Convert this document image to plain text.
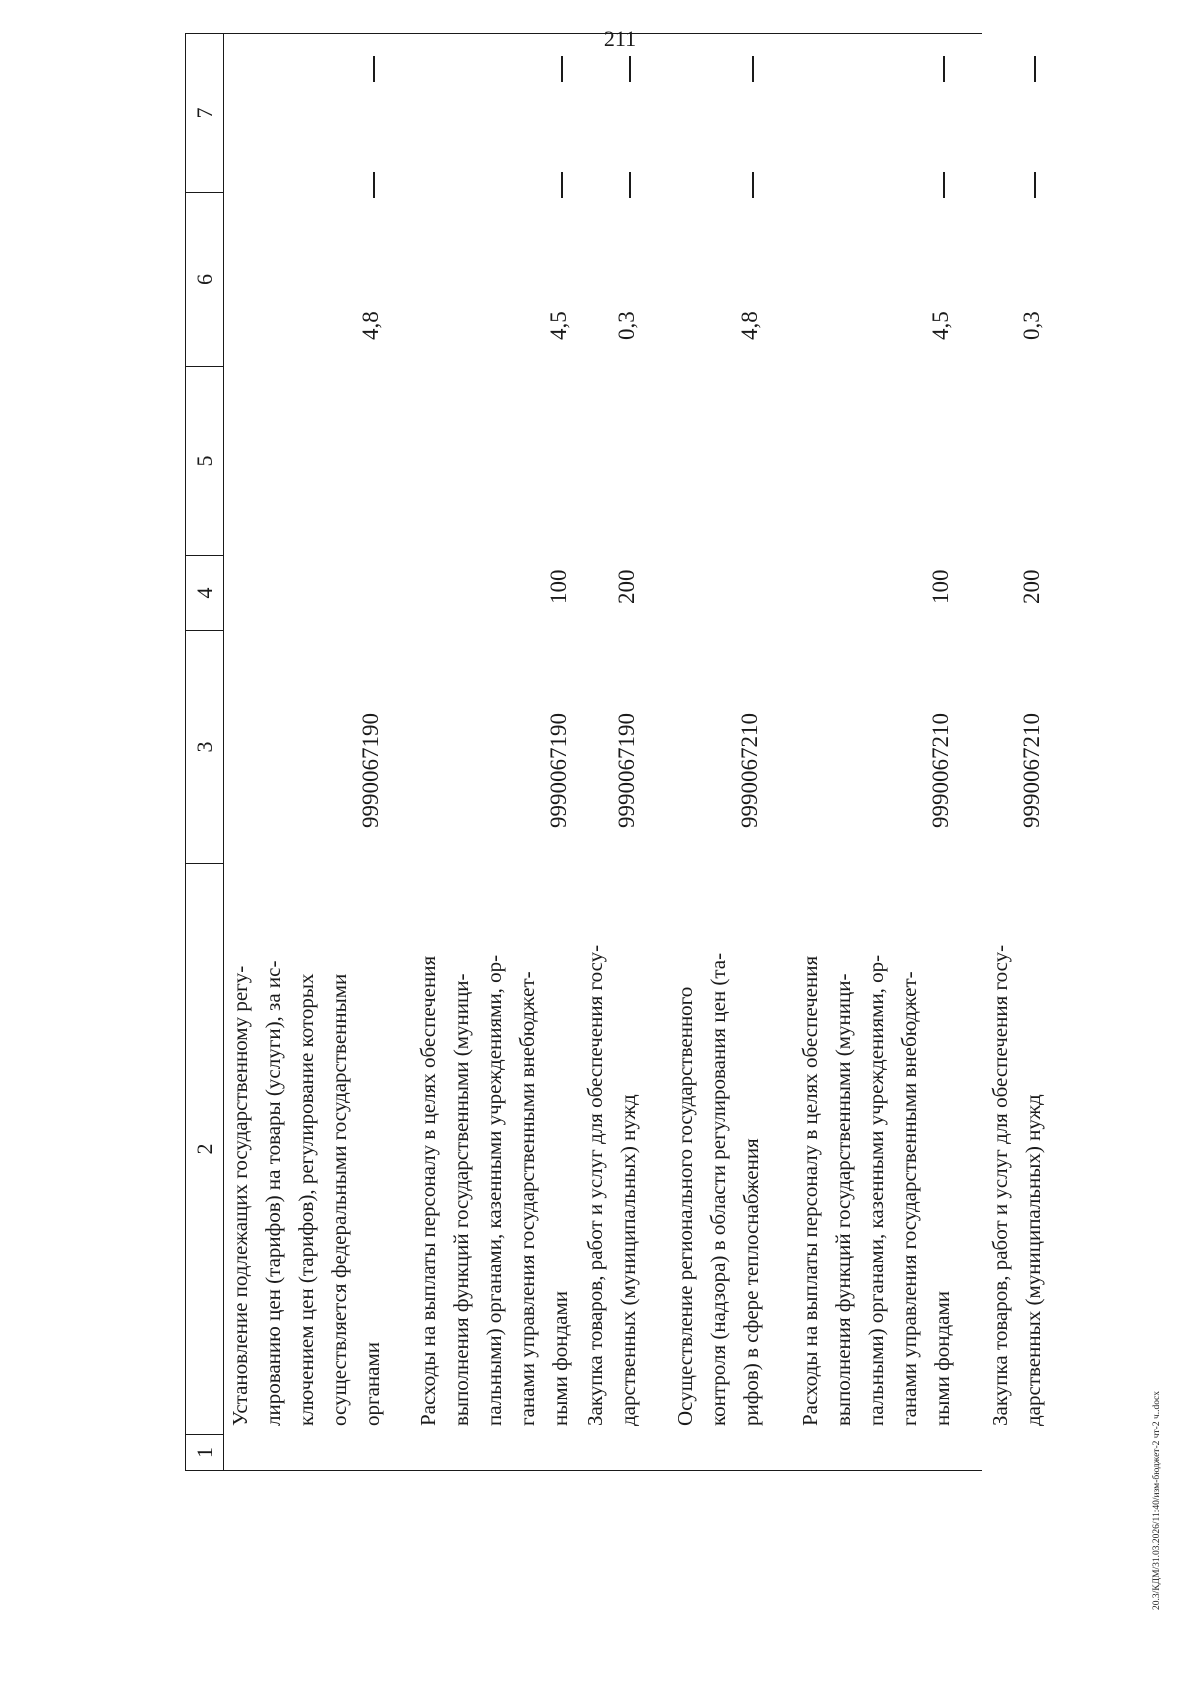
211
20.3/КДМ/31.03.2026/11:40/изм-бюджет-2 чт-2 ч..docx
1
2
3
4
5
6
7
Установление подлежащих государственному регу- лированию цен (тарифов) на товары (услуги), за ис- ключением цен (тарифов), регулирование которых осуществляется федеральными государственными органами
9990067190
4,8
Расходы на выплаты персоналу в целях обеспечения выполнения функций государственными (муници- пальными) органами, казенными учреждениями, ор- ганами управления государственными внебюджет- ными фондами
9990067190
100
4,5
Закупка товаров, работ и услуг для обеспечения госу- дарственных (муниципальных) нужд
9990067190
200
0,3
Осуществление регионального государственного контроля (надзора) в области регулирования цен (та- рифов) в сфере теплоснабжения
9990067210
4,8
Расходы на выплаты персоналу в целях обеспечения выполнения функций государственными (муници- пальными) органами, казенными учреждениями, ор- ганами управления государственными внебюджет- ными фондами
9990067210
100
4,5
Закупка товаров, работ и услуг для обеспечения госу- дарственных (муниципальных) нужд
9990067210
200
0,3
